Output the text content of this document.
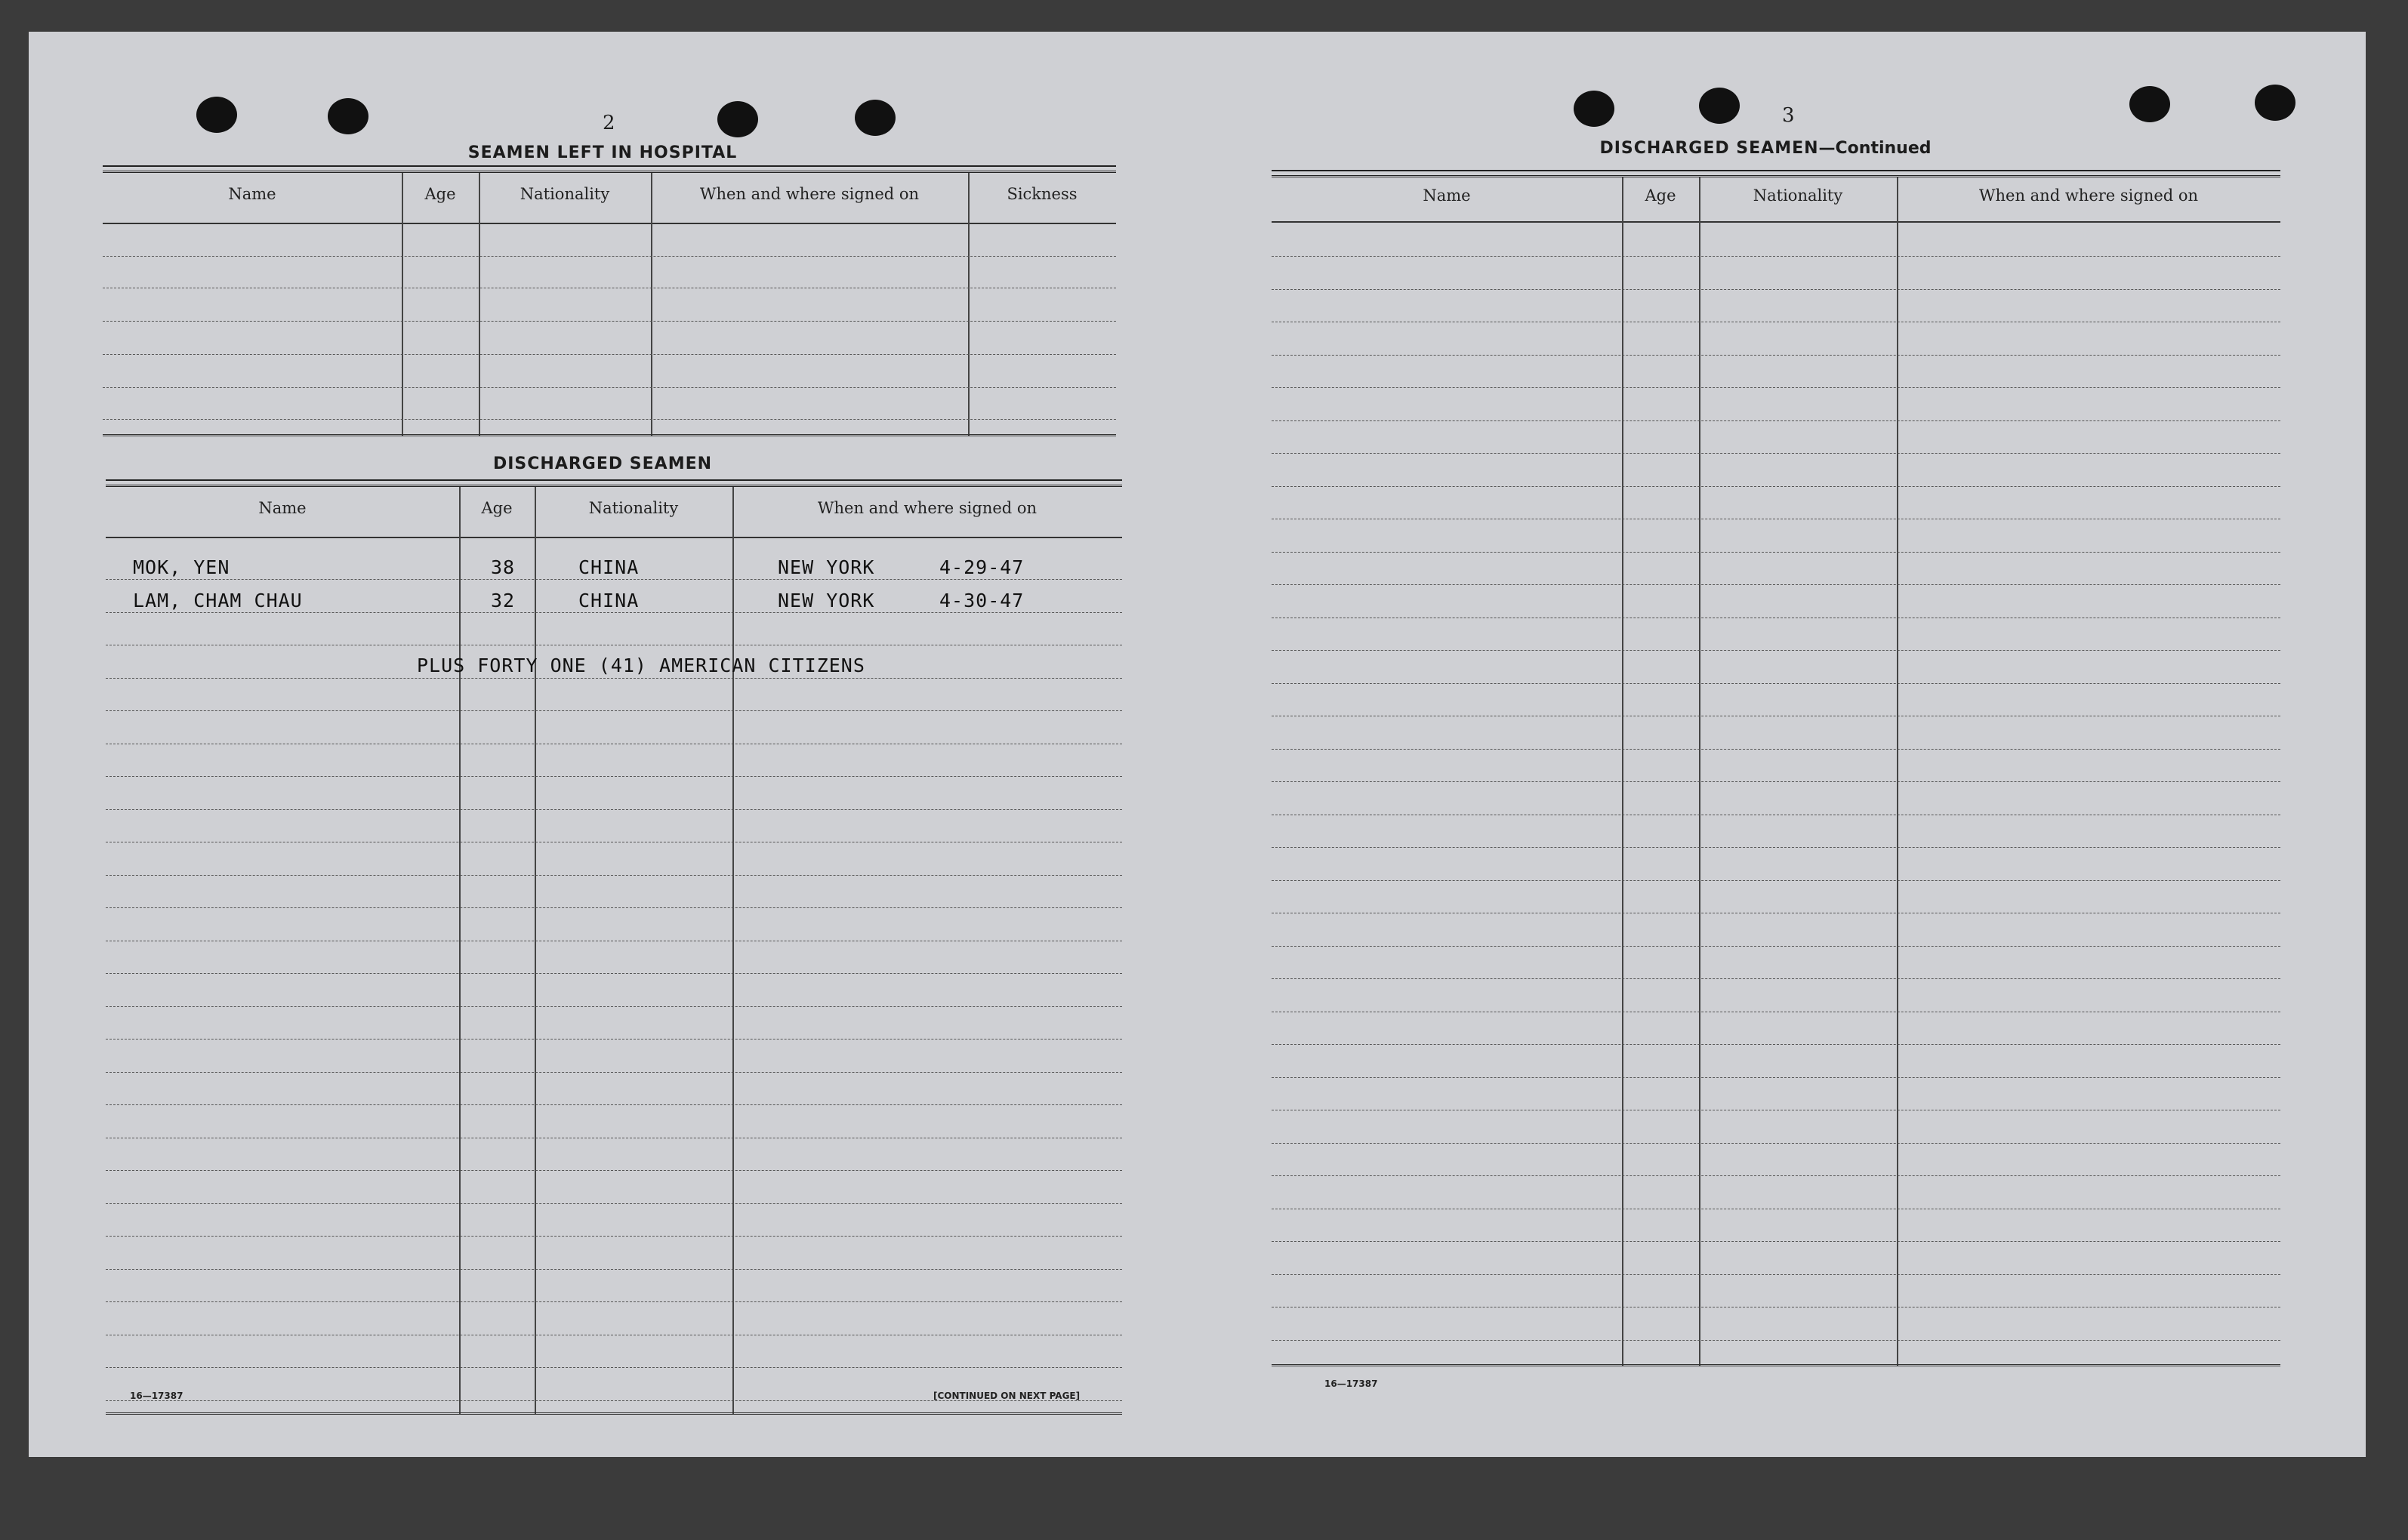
2
SEAMEN LEFT IN HOSPITAL
Name	Age	Nationality	When and where signed on	Sickness
DISCHARGED SEAMEN
Name	Age	Nationality	When and where signed on
MOK, YEN	38	CHINA	NEW YORK	4-29-47
LAM, CHAM CHAU	32	CHINA	NEW YORK	4-30-47
PLUS FORTY ONE (41) AMERICAN CITIZENS
16—17387	[CONTINUED ON NEXT PAGE]
3
DISCHARGED SEAMEN—Continued
Name	Age	Nationality	When and where signed on
16—17387
